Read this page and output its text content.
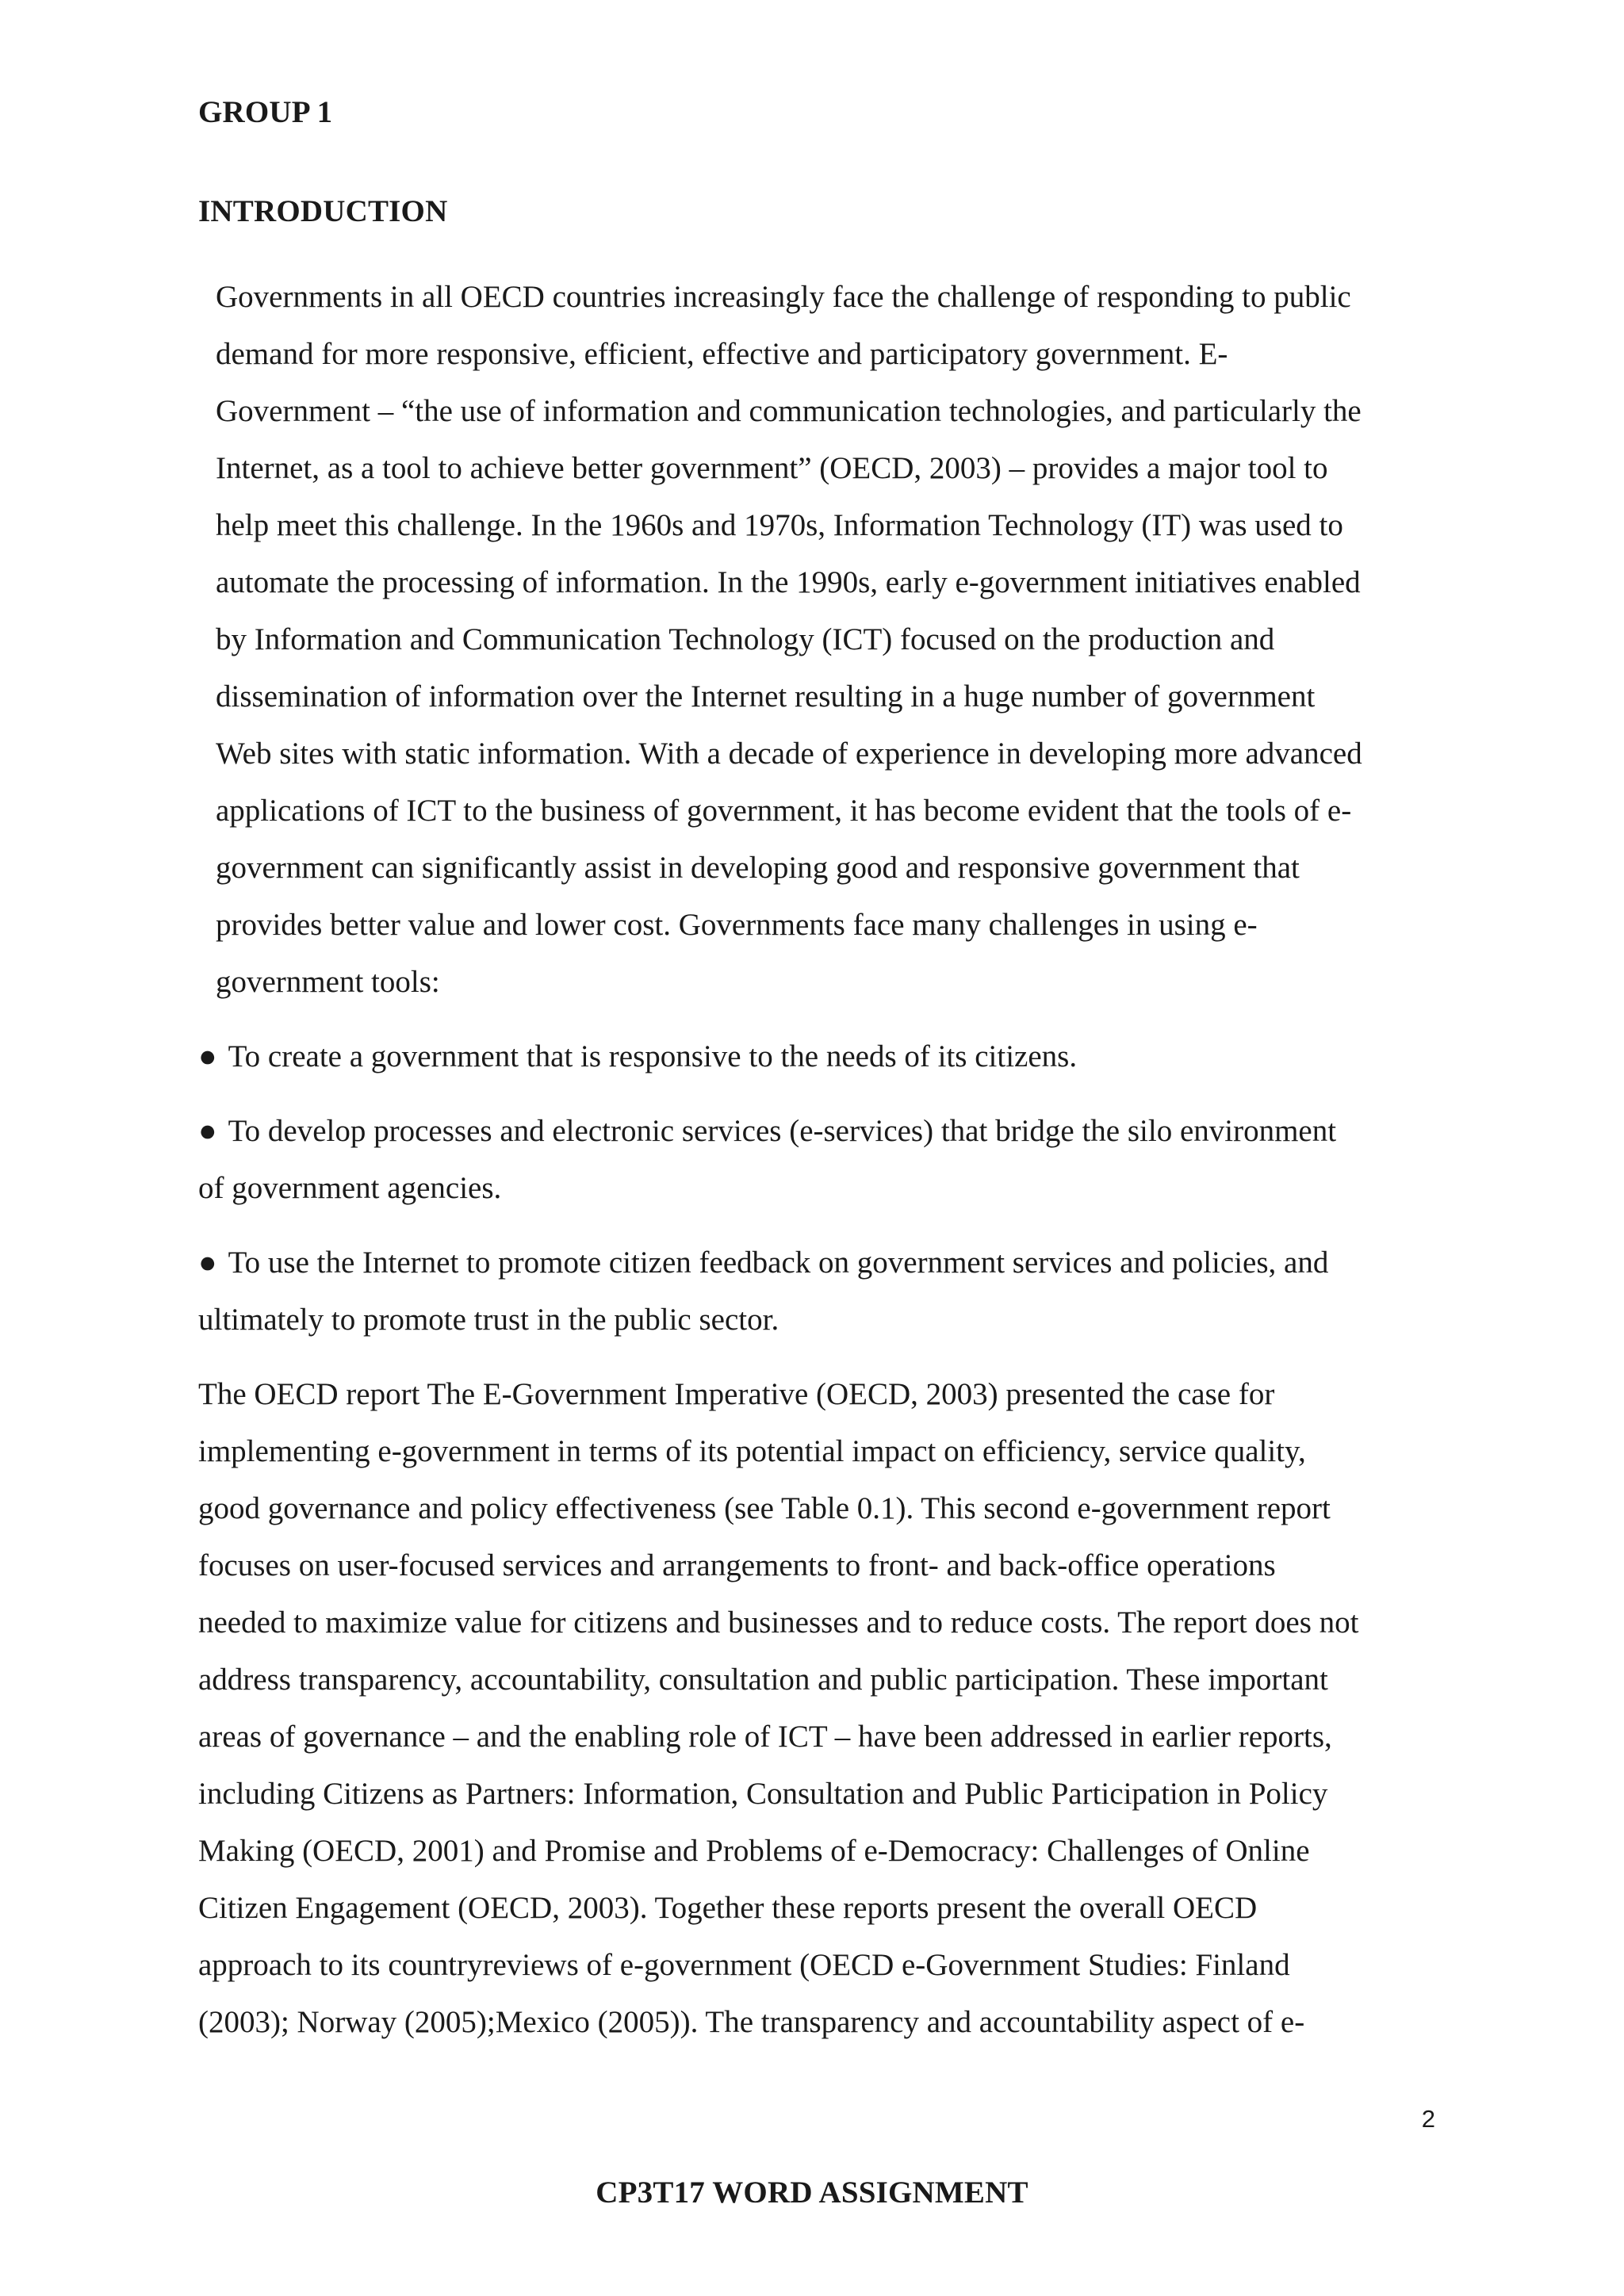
GROUP 1
INTRODUCTION

Governments in all OECD countries increasingly face the challenge of responding to public
demand for more responsive, efficient, effective and participatory government. E-
Government – “the use of information and communication technologies, and particularly the
Internet, as a tool to achieve better government” (OECD, 2003) – provides a major tool to
help meet this challenge. In the 1960s and 1970s, Information Technology (IT) was used to
automate the processing of information. In the 1990s, early e-government initiatives enabled
by Information and Communication Technology (ICT) focused on the production and
dissemination of information over the Internet resulting in a huge number of government
Web sites with static information. With a decade of experience in developing more advanced
applications of ICT to the business of government, it has become evident that the tools of e-
government can significantly assist in developing good and responsive government that
provides better value and lower cost. Governments face many challenges in using e-
government tools:

● To create a government that is responsive to the needs of its citizens.

● To develop processes and electronic services (e-services) that bridge the silo environment
of government agencies.

● To use the Internet to promote citizen feedback on government services and policies, and
ultimately to promote trust in the public sector.

The OECD report The E-Government Imperative (OECD, 2003) presented the case for
implementing e-government in terms of its potential impact on efficiency, service quality,
good governance and policy effectiveness (see Table 0.1). This second e-government report
focuses on user-focused services and arrangements to front- and back-office operations
needed to maximize value for citizens and businesses and to reduce costs. The report does not
address transparency, accountability, consultation and public participation. These important
areas of governance – and the enabling role of ICT – have been addressed in earlier reports,
including Citizens as Partners: Information, Consultation and Public Participation in Policy
Making (OECD, 2001) and Promise and Problems of e-Democracy: Challenges of Online
Citizen Engagement (OECD, 2003). Together these reports present the overall OECD
approach to its countryreviews of e-government (OECD e-Government Studies: Finland
(2003); Norway (2005);Mexico (2005)). The transparency and accountability aspect of e-

2
CP3T17 WORD ASSIGNMENT
